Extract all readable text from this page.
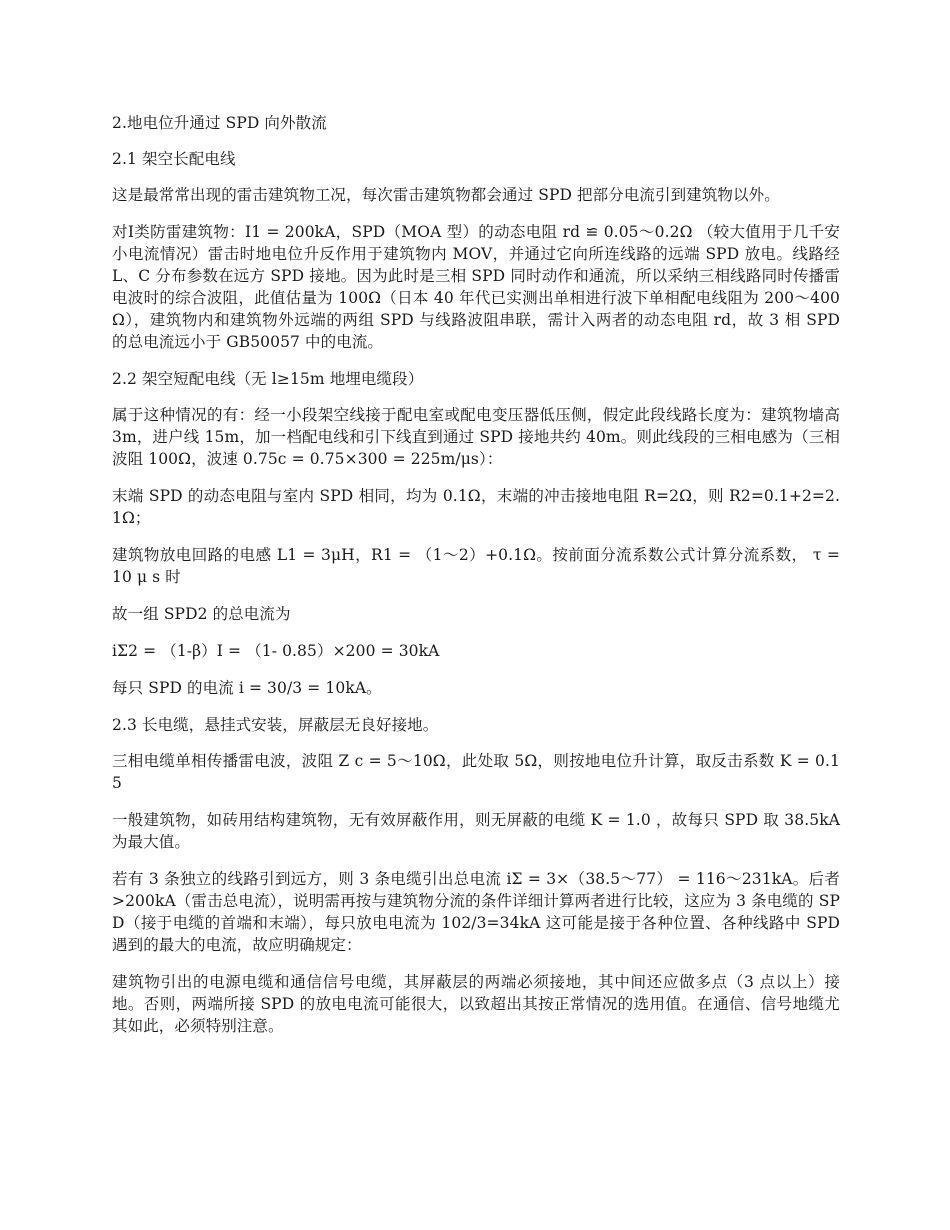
2.地电位升通过 SPD 向外散流

2.1 架空长配电线

这是最常常出现的雷击建筑物工况，每次雷击建筑物都会通过 SPD 把部分电流引到建筑物以外。

对Ⅰ类防雷建筑物：I1 = 200kA，SPD（MOA 型）的动态电阻 rd ≌ 0.05～0.2Ω （较大值用于几千安小电流情况）雷击时地电位升反作用于建筑物内 MOV，并通过它向所连线路的远端 SPD 放电。线路经 L、C 分布参数在远方 SPD 接地。因为此时是三相 SPD 同时动作和通流，所以采纳三相线路同时传播雷电波时的综合波阻，此值估量为 100Ω（日本 40 年代已实测出单相进行波下单相配电线阻为 200～400Ω），建筑物内和建筑物外远端的两组 SPD 与线路波阻串联，需计入两者的动态电阻 rd，故 3 相 SPD 的总电流远小于 GB50057 中的电流。

2.2 架空短配电线（无 l≥15m 地埋电缆段）

属于这种情况的有：经一小段架空线接于配电室或配电变压器低压侧，假定此段线路长度为：建筑物墙高 3m，进户线 15m，加一档配电线和引下线直到通过 SPD 接地共约 40m。则此线段的三相电感为（三相波阻 100Ω，波速 0.75c = 0.75×300 = 225m/μs）：

末端 SPD 的动态电阻与室内 SPD 相同，均为 0.1Ω，末端的冲击接地电阻 R=2Ω，则 R2=0.1+2=2.1Ω；

建筑物放电回路的电感 L1 = 3μH，R1 = （1～2）+0.1Ω。按前面分流系数公式计算分流系数， τ = 10 μ s 时

故一组 SPD2 的总电流为

iΣ2 = （1-β）I = （1- 0.85）×200 = 30kA

每只 SPD 的电流 i = 30/3 = 10kA。

2.3 长电缆，悬挂式安装，屏蔽层无良好接地。

三相电缆单相传播雷电波，波阻 Z c = 5～10Ω，此处取 5Ω，则按地电位升计算，取反击系数 K = 0.15

一般建筑物，如砖用结构建筑物，无有效屏蔽作用，则无屏蔽的电缆 K = 1.0 ，故每只 SPD 取 38.5kA 为最大值。

若有 3 条独立的线路引到远方，则 3 条电缆引出总电流 iΣ = 3×（38.5～77） = 116～231kA。后者>200kA（雷击总电流），说明需再按与建筑物分流的条件详细计算两者进行比较，这应为 3 条电缆的 SPD（接于电缆的首端和末端），每只放电电流为 102/3=34kA 这可能是接于各种位置、各种线路中 SPD 遇到的最大的电流，故应明确规定：

建筑物引出的电源电缆和通信信号电缆，其屏蔽层的两端必须接地，其中间还应做多点（3 点以上）接地。否则，两端所接 SPD 的放电电流可能很大，以致超出其按正常情况的选用值。在通信、信号地缆尤其如此，必须特别注意。
